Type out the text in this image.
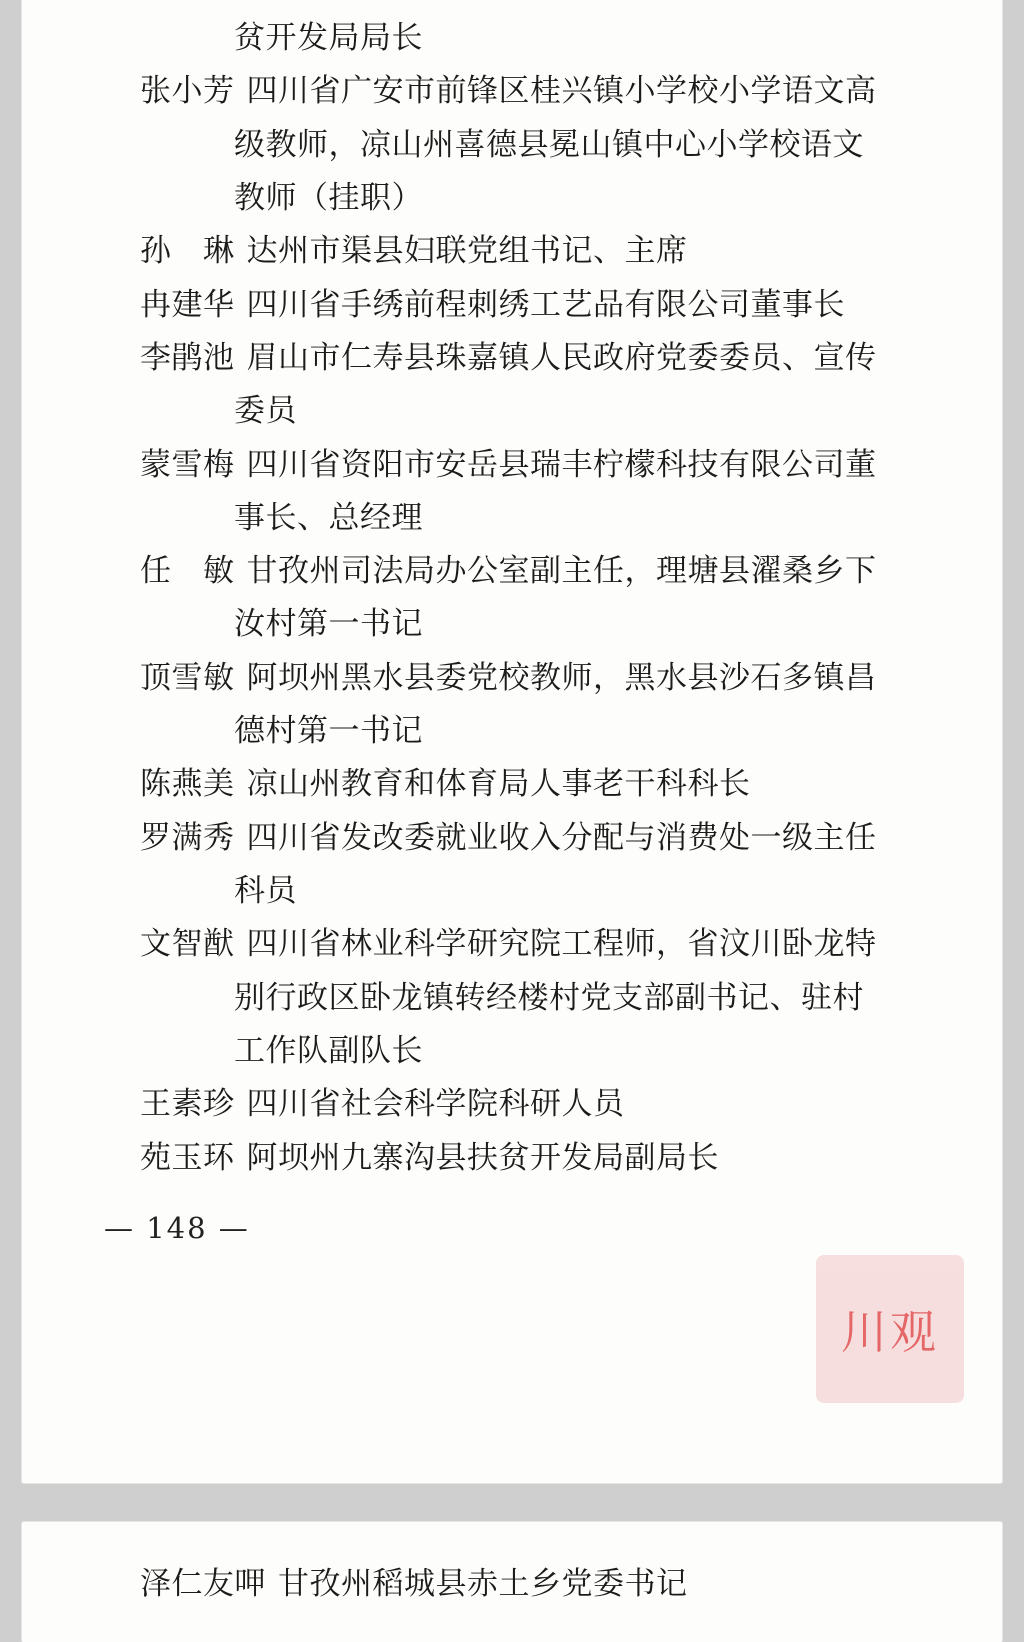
贫开发局局长
张小芳 四川省广安市前锋区桂兴镇小学校小学语文高
级教师，凉山州喜德县冕山镇中心小学校语文
教师（挂职）
孙　琳 达州市渠县妇联党组书记、主席
冉建华 四川省手绣前程刺绣工艺品有限公司董事长
李鹃池 眉山市仁寿县珠嘉镇人民政府党委委员、宣传
委员
蒙雪梅 四川省资阳市安岳县瑞丰柠檬科技有限公司董
事长、总经理
任　敏 甘孜州司法局办公室副主任，理塘县濯桑乡下
汝村第一书记
顶雪敏 阿坝州黑水县委党校教师，黑水县沙石多镇昌
德村第一书记
陈燕美 凉山州教育和体育局人事老干科科长
罗满秀 四川省发改委就业收入分配与消费处一级主任
科员
文智猷 四川省林业科学研究院工程师，省汶川卧龙特
别行政区卧龙镇转经楼村党支部副书记、驻村
工作队副队长
王素珍 四川省社会科学院科研人员
苑玉环 阿坝州九寨沟县扶贫开发局副局长
— 148 —
川观
泽仁友呷 甘孜州稻城县赤土乡党委书记
